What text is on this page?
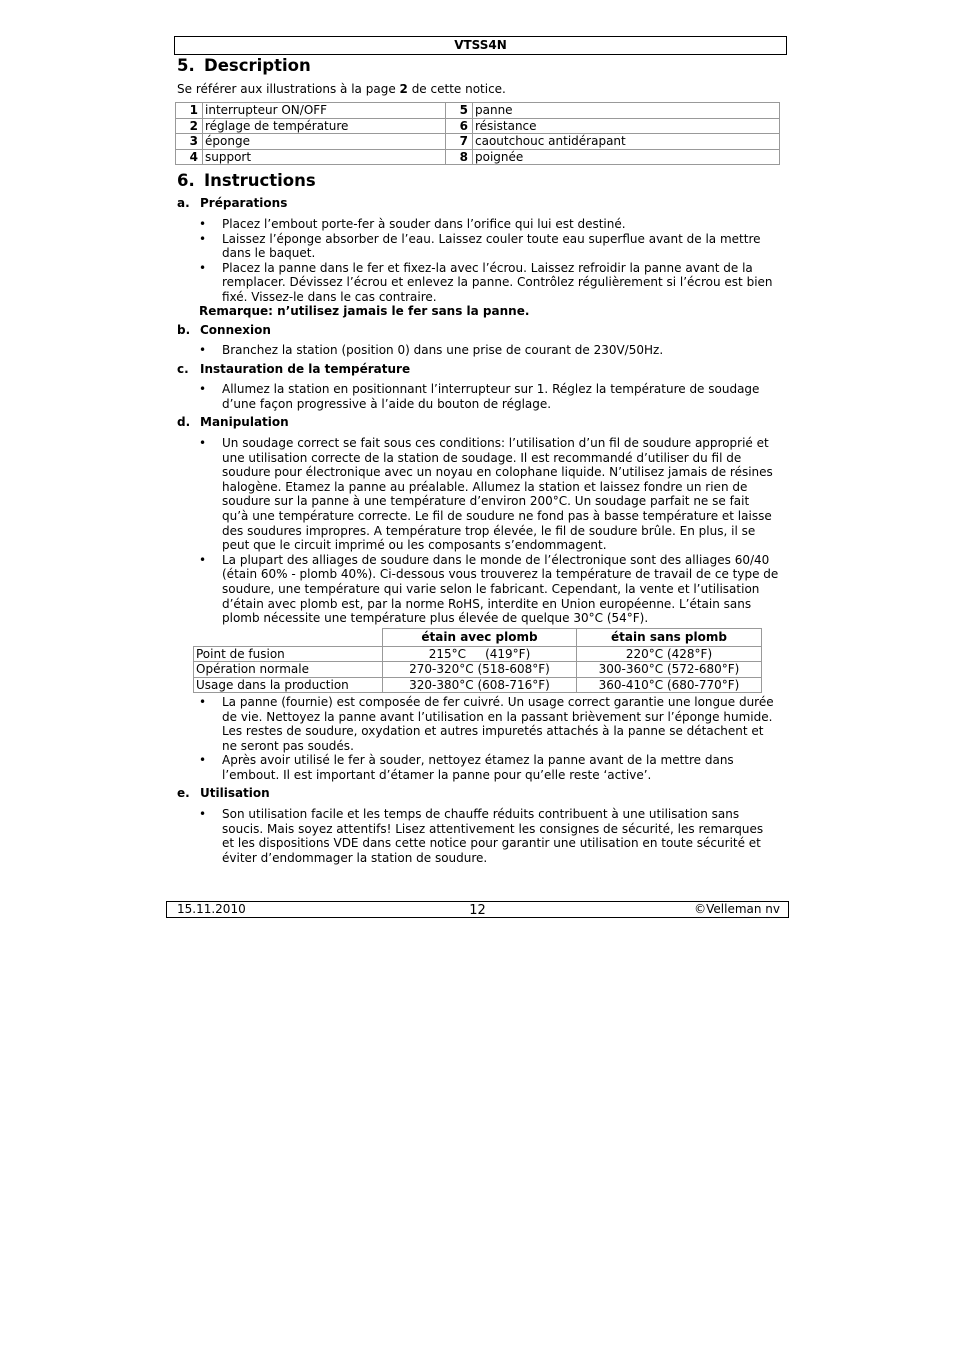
VTSS4N
5. Description
Se référer aux illustrations à la page 2 de cette notice.
1	interrupteur ON/OFF	5	panne
2	réglage de température	6	résistance
3	éponge	7	caoutchouc antidérapant
4	support	8	poignée
6. Instructions
a. Préparations
• Placez l’embout porte-fer à souder dans l’orifice qui lui est destiné.
• Laissez l’éponge absorber de l’eau. Laissez couler toute eau superflue avant de la mettre dans le baquet.
• Placez la panne dans le fer et fixez-la avec l’écrou. Laissez refroidir la panne avant de la remplacer. Dévissez l’écrou et enlevez la panne. Contrôlez régulièrement si l’écrou est bien fixé. Vissez-le dans le cas contraire.
Remarque: n’utilisez jamais le fer sans la panne.
b. Connexion
• Branchez la station (position 0) dans une prise de courant de 230V/50Hz.
c. Instauration de la température
• Allumez la station en positionnant l’interrupteur sur 1. Réglez la température de soudage d’une façon progressive à l’aide du bouton de réglage.
d. Manipulation
• Un soudage correct se fait sous ces conditions: l’utilisation d’un fil de soudure approprié et une utilisation correcte de la station de soudage. Il est recommandé d’utiliser du fil de soudure pour électronique avec un noyau en colophane liquide. N’utilisez jamais de résines halogène. Etamez la panne au préalable. Allumez la station et laissez fondre un rien de soudure sur la panne à une température d’environ 200°C. Un soudage parfait ne se fait qu’à une température correcte. Le fil de soudure ne fond pas à basse température et laisse des soudures impropres. A température trop élevée, le fil de soudure brûle. En plus, il se peut que le circuit imprimé ou les composants s’endommagent.
• La plupart des alliages de soudure dans le monde de l’électronique sont des alliages 60/40 (étain 60% - plomb 40%). Ci-dessous vous trouverez la température de travail de ce type de soudure, une température qui varie selon le fabricant. Cependant, la vente et l’utilisation d’étain avec plomb est, par la norme RoHS, interdite en Union européenne. L’étain sans plomb nécessite une température plus élevée de quelque 30°C (54°F).
	étain avec plomb	étain sans plomb
Point de fusion	215°C     (419°F)	220°C (428°F)
Opération normale	270-320°C (518-608°F)	300-360°C (572-680°F)
Usage dans la production	320-380°C (608-716°F)	360-410°C (680-770°F)
• La panne (fournie) est composée de fer cuivré. Un usage correct garantie une longue durée de vie. Nettoyez la panne avant l’utilisation en la passant brièvement sur l’éponge humide. Les restes de soudure, oxydation et autres impuretés attachés à la panne se détachent et ne seront pas soudés.
• Après avoir utilisé le fer à souder, nettoyez étamez la panne avant de la mettre dans l’embout. Il est important d’étamer la panne pour qu’elle reste ‘active’.
e. Utilisation
• Son utilisation facile et les temps de chauffe réduits contribuent à une utilisation sans soucis. Mais soyez attentifs! Lisez attentivement les consignes de sécurité, les remarques et les dispositions VDE dans cette notice pour garantir une utilisation en toute sécurité et éviter d’endommager la station de soudure.
15.11.2010	12	©Velleman nv
